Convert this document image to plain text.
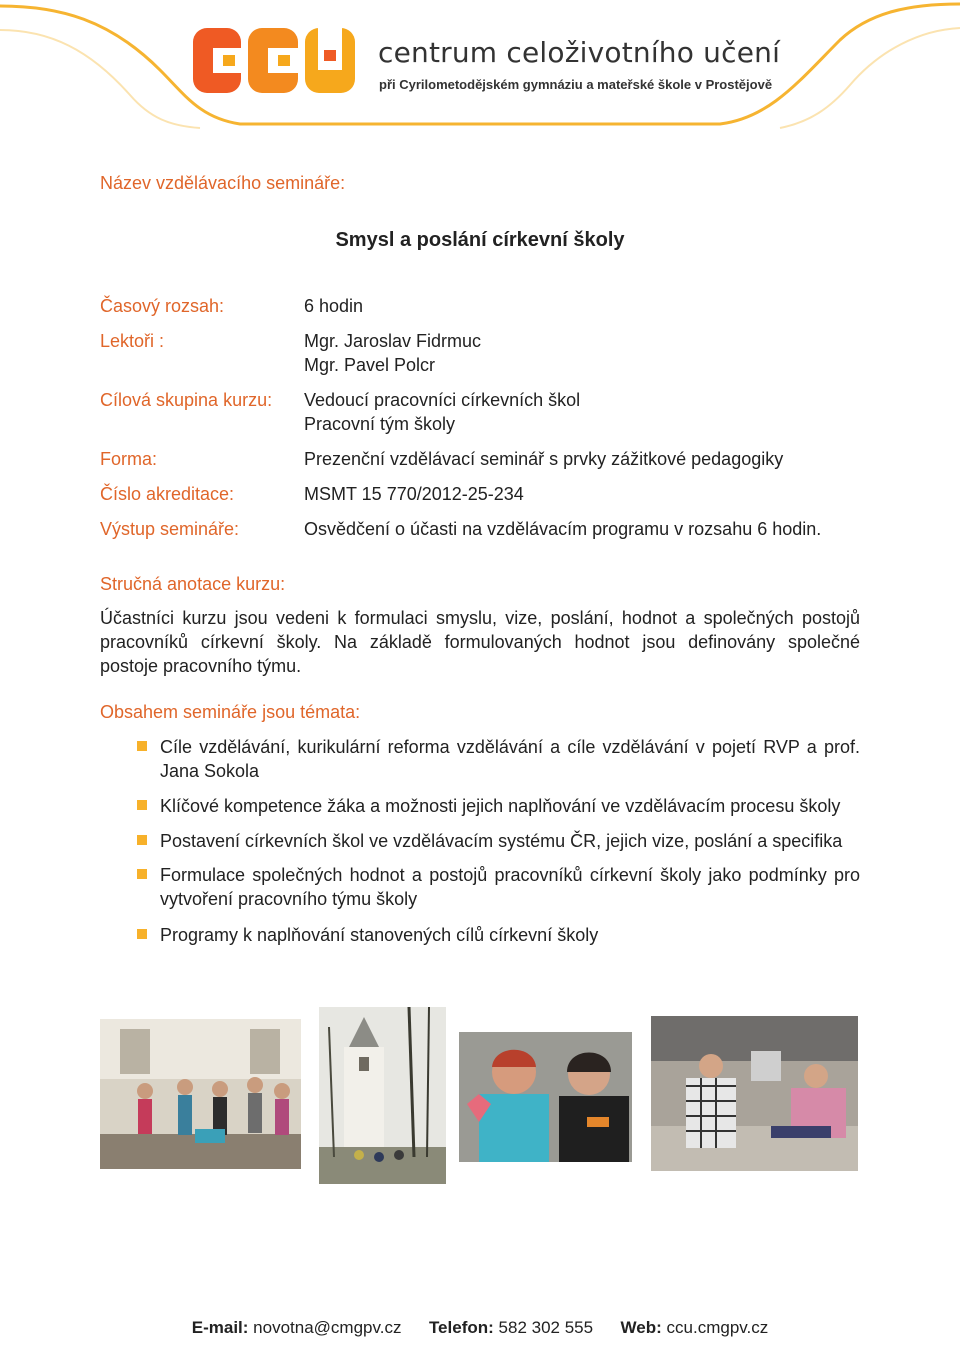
centrum celoživotního učení
při Cyrilometodějském gymnáziu a mateřské škole v Prostějově
Název vzdělávacího semináře:
Smysl a poslání církevní školy
Časový rozsah:	6 hodin
Lektoři :	Mgr. Jaroslav Fidrmuc
Mgr. Pavel Polcr
Cílová skupina kurzu: Vedoucí pracovníci církevních škol
Pracovní tým školy
Forma:	Prezenční vzdělávací seminář s prvky zážitkové pedagogiky
Číslo akreditace:	MSMT 15 770/2012-25-234
Výstup semináře:	Osvědčení o účasti na vzdělávacím programu v rozsahu 6 hodin.
Stručná anotace kurzu:
Účastníci kurzu jsou vedeni k formulaci smyslu, vize, poslání, hodnot a společných postojů
pracovníků církevní školy. Na základě formulovaných hodnot jsou definovány společné
postoje pracovního týmu.
Obsahem semináře jsou témata:
Cíle vzdělávání, kurikulární reforma vzdělávání a cíle vzdělávání v pojetí RVP a prof.
Jana Sokola
Klíčové kompetence žáka a možnosti jejich naplňování ve vzdělávacím procesu školy
Postavení církevních škol ve vzdělávacím systému ČR, jejich vize, poslání a specifika
Formulace společných hodnot a postojů pracovníků církevní školy jako podmínky pro
vytvoření pracovního týmu školy
Programy k naplňování stanovených cílů církevní školy
E-mail: novotna@cmgpv.cz Telefon: 582 302 555 Web: ccu.cmgpv.cz
